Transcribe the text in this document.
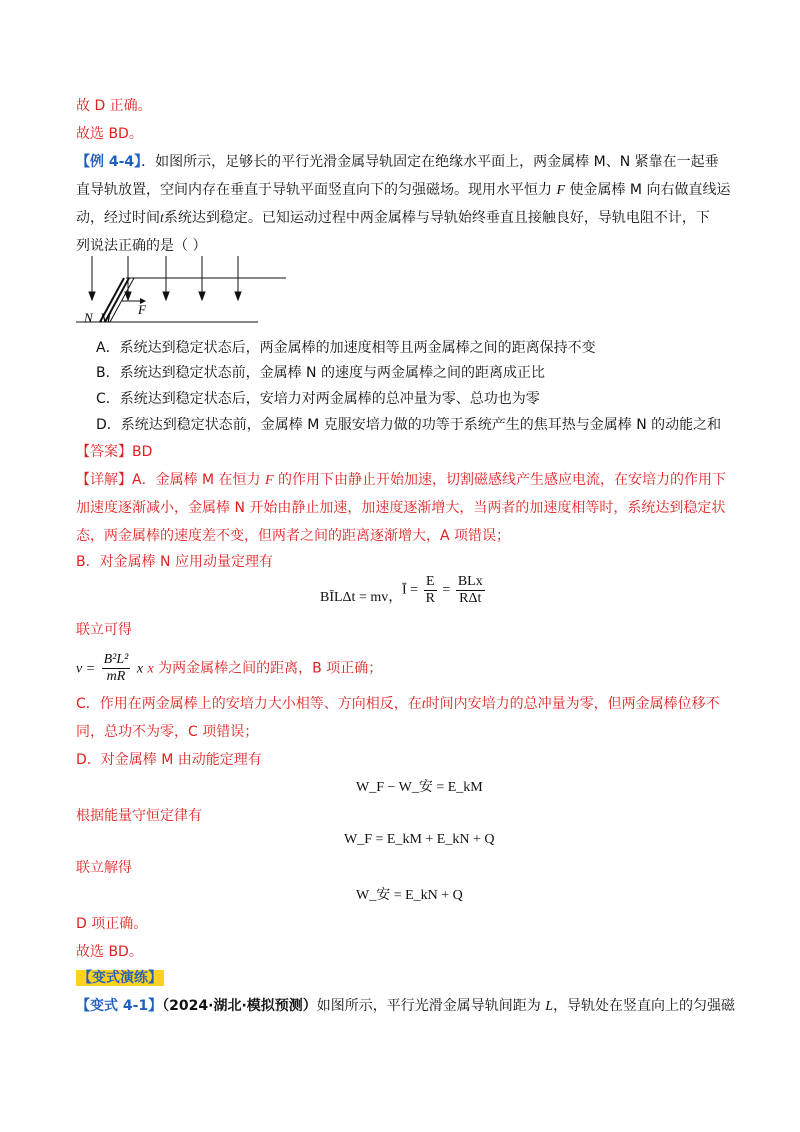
故 D 正确。
故选 BD。
【例 4-4】．如图所示，足够长的平行光滑金属导轨固定在绝缘水平面上，两金属棒 M、N 紧靠在一起垂
直导轨放置，空间内存在垂直于导轨平面竖直向下的匀强磁场。现用水平恒力 F 使金属棒 M 向右做直线运
动，经过时间t系统达到稳定。已知运动过程中两金属棒与导轨始终垂直且接触良好，导轨电阻不计，下
列说法正确的是（ ）
F
N M
A．系统达到稳定状态后，两金属棒的加速度相等且两金属棒之间的距离保持不变
B．系统达到稳定状态前，金属棒 N 的速度与两金属棒之间的距离成正比
C．系统达到稳定状态后，安培力对两金属棒的总冲量为零、总功也为零
D．系统达到稳定状态前，金属棒 M 克服安培力做的功等于系统产生的焦耳热与金属棒 N 的动能之和
【答案】BD
【详解】A．金属棒 M 在恒力 F 的作用下由静止开始加速，切割磁感线产生感应电流，在安培力的作用下
加速度逐渐减小，金属棒 N 开始由静止加速，加速度逐渐增大，当两者的加速度相等时，系统达到稳定状
态，两金属棒的速度差不变，但两者之间的距离逐渐增大，A 项错误；
B．对金属棒 N 应用动量定理有
BĪLΔt = mv， Ī = $\frac{E}{R} = \frac{\text{BLx}}{\text{RΔt}}$
联立可得
$v = \frac{\text{B²L²}}{mR}$ x x 为两金属棒之间的距离，B 项正确；
C．作用在两金属棒上的安培力大小相等、方向相反，在t时间内安培力的总冲量为零，但两金属棒位移不
同，总功不为零，C 项错误；
D．对金属棒 M 由动能定理有
W_F − W_安 = E_kM
根据能量守恒定律有
W_F = E_kM + E_kN + Q
联立解得
W_安 = E_kN + Q
D 项正确。
故选 BD。
【变式演练】
【变式 4-1】（2024·湖北·模拟预测）如图所示，平行光滑金属导轨间距为 L，导轨处在竖直向上的匀强磁
